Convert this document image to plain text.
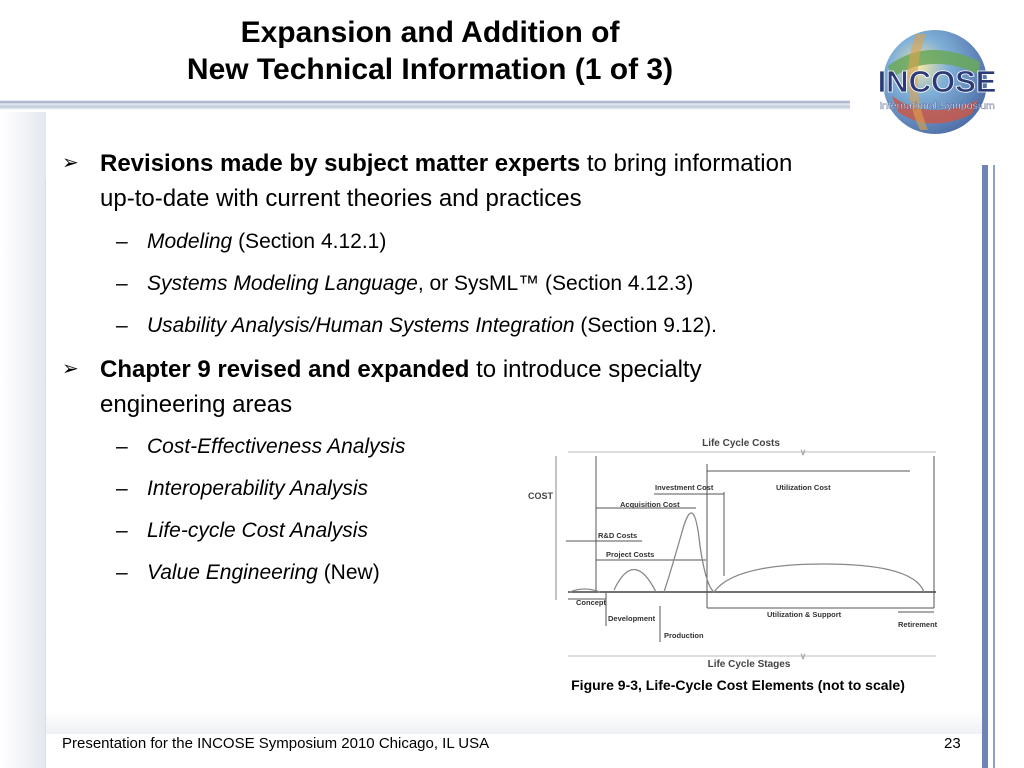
Expansion and Addition of
New Technical Information (1 of 3)	INCOSE
International Symposium
➢ Revisions made by subject matter experts to bring information
up-to-date with current theories and practices
– Modeling (Section 4.12.1)
– Systems Modeling Language, or SysML™ (Section 4.12.3)
– Usability Analysis/Human Systems Integration (Section 9.12).
➢ Chapter 9 revised and expanded to introduce specialty
engineering areas
– Cost-Effectiveness Analysis
– Interoperability Analysis
– Life-cycle Cost Analysis
– Value Engineering (New)
Life Cycle Costs
∨
∨
Life Cycle Stages
COST
Investment Cost	Utilization Cost
Acquisition Cost
R&D Costs
Project Costs
Concept
Development
Production
Utilization & Support
Retirement
Figure 9-3, Life-Cycle Cost Elements (not to scale)
Presentation for the INCOSE Symposium 2010 Chicago, IL USA	23
